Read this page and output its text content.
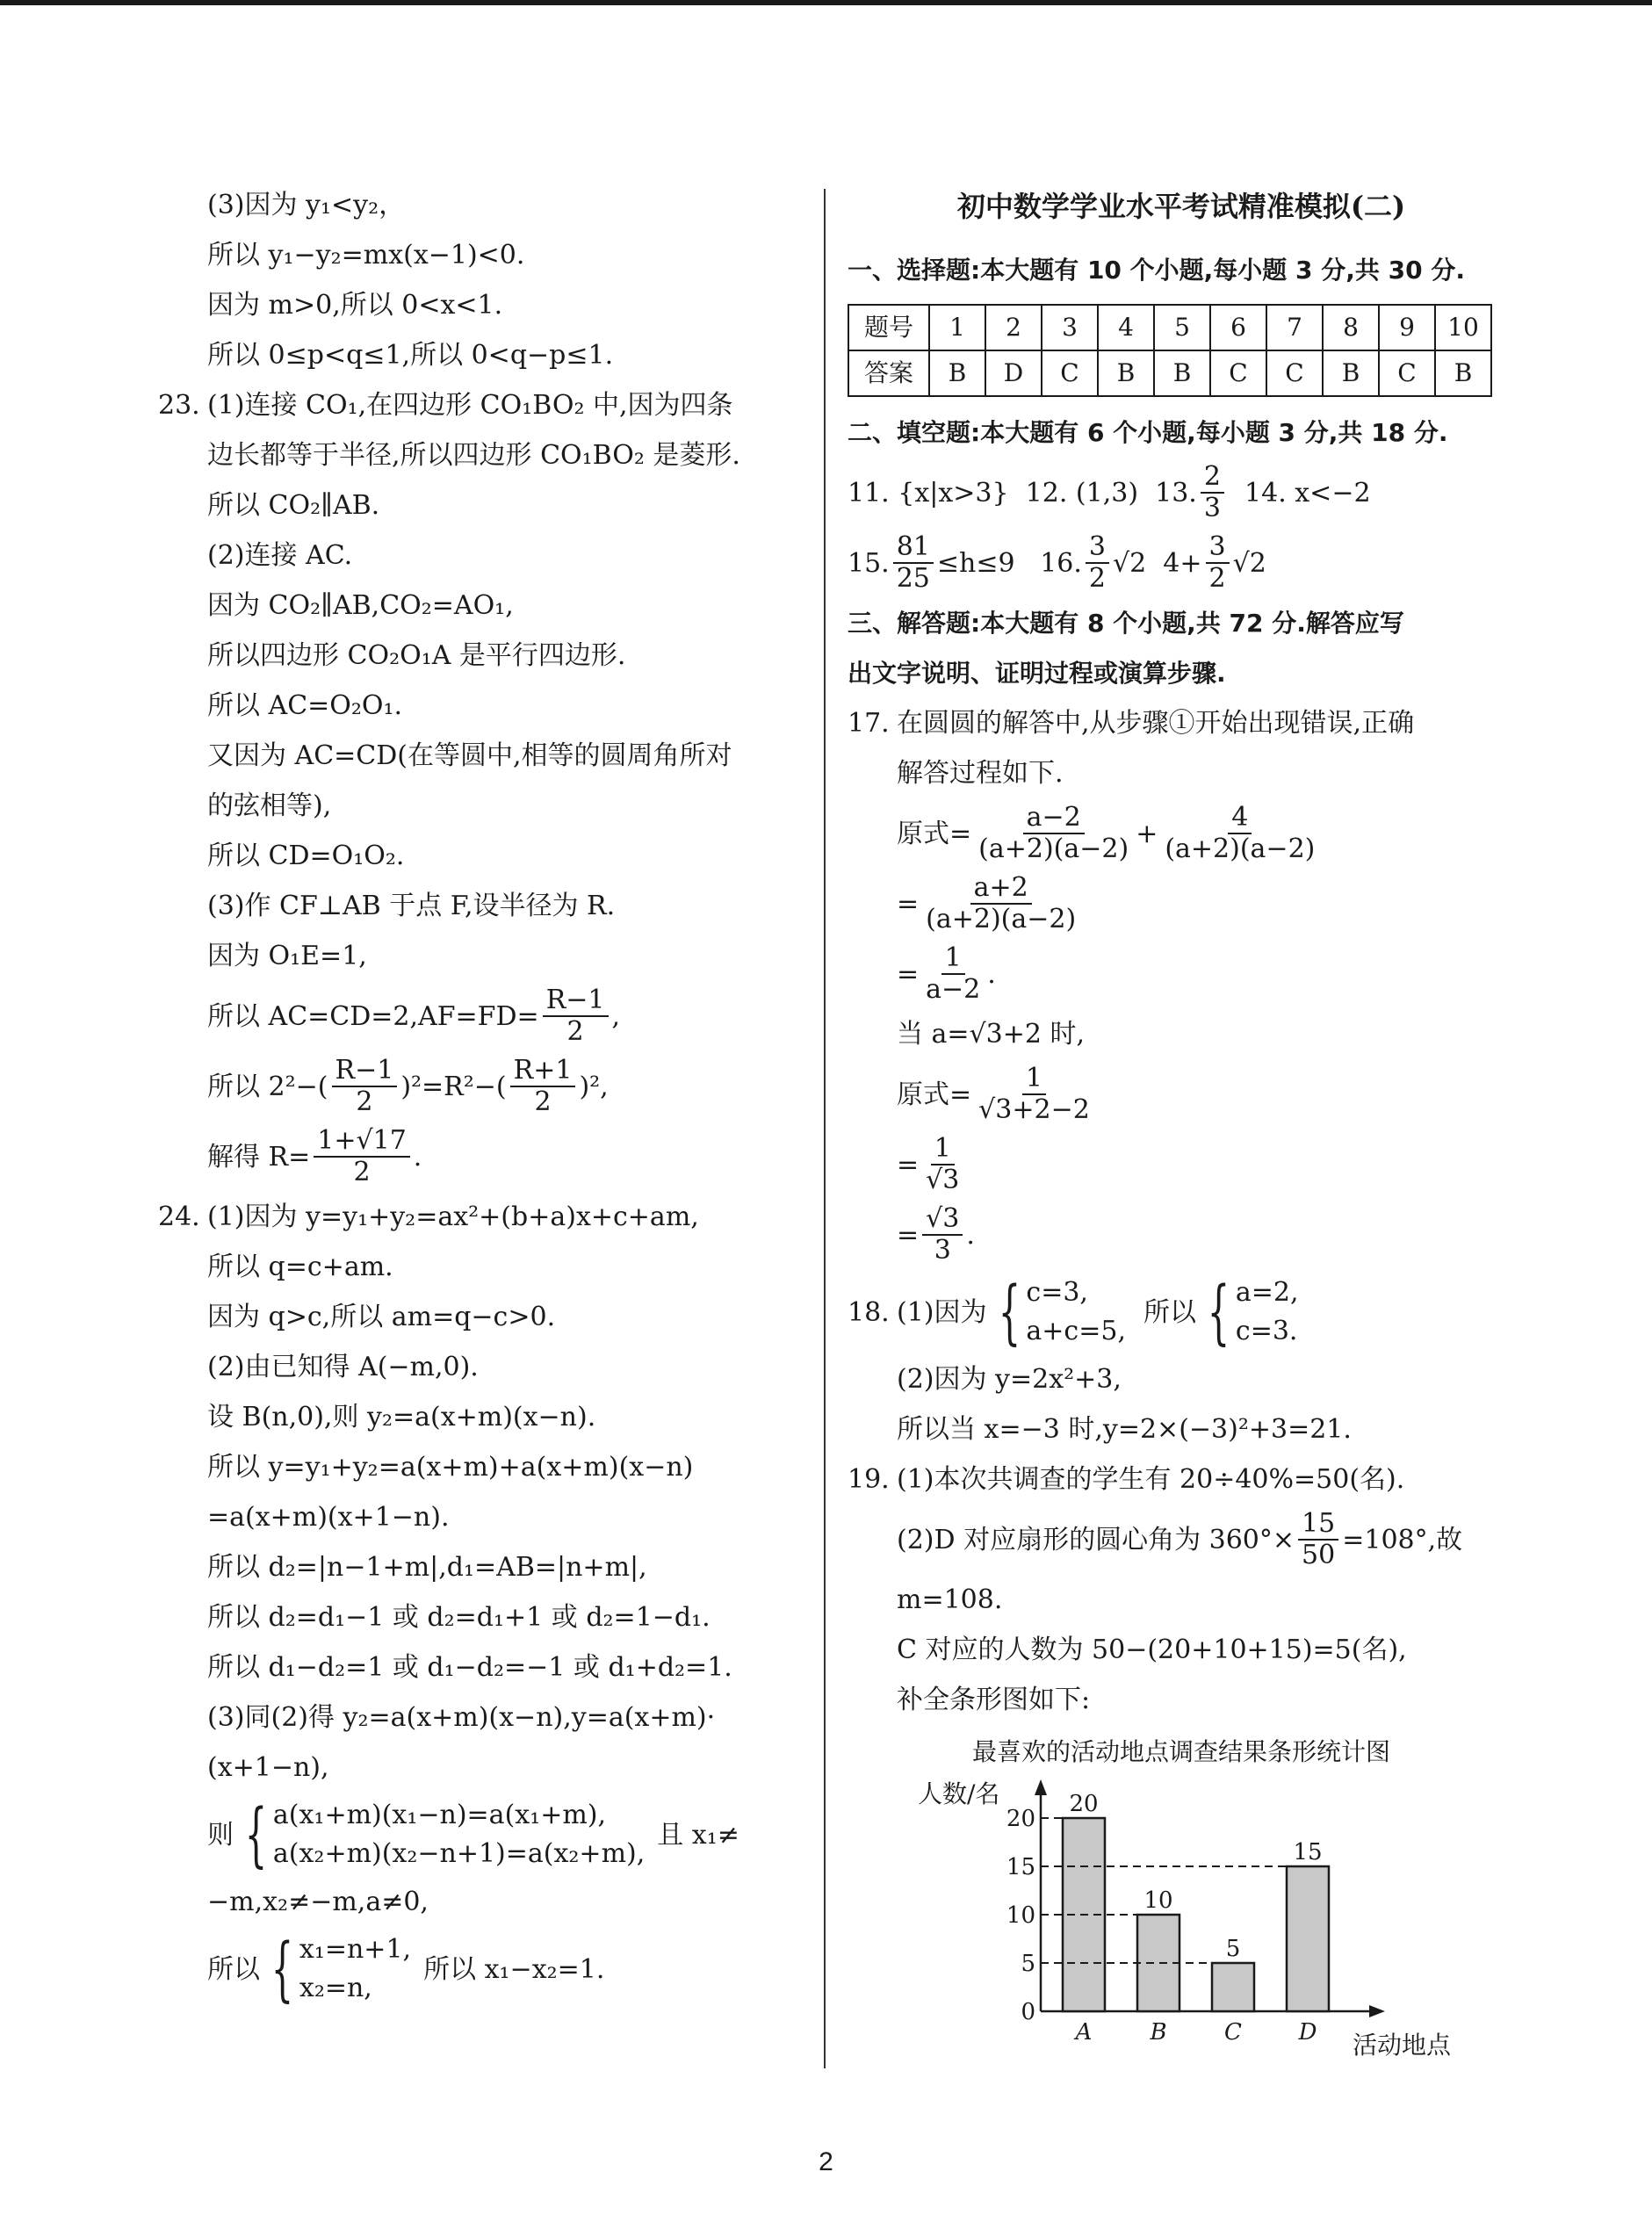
(3)因为 y₁<y₂，
所以 y₁−y₂=mx(x−1)<0.
因为 m>0,所以 0<x<1.
所以 0≤p<q≤1,所以 0<q−p≤1.
23. (1)连接 CO₁,在四边形 CO₁BO₂ 中,因为四条
边长都等于半径,所以四边形 CO₁BO₂ 是菱形.
所以 CO₂∥AB.
(2)连接 AC.
因为 CO₂∥AB,CO₂=AO₁,
所以四边形 CO₂O₁A 是平行四边形.
所以 AC=O₂O₁.
又因为 AC=CD(在等圆中,相等的圆周角所对
的弦相等),
所以 CD=O₁O₂.
(3)作 CF⊥AB 于点 F,设半径为 R.
因为 O₁E=1,
所以 $AC=CD=2,AF=FD= \frac{R-1}{2}$ ,
所以 $2^2-( \frac{R-1}{2} )^2=R^2-( \frac{R+1}{2} )^2$,
解得 $R= \frac{1+√17}{2}$ .
24. (1)因为 y=y₁+y₂=ax²+(b+a)x+c+am,
所以 q=c+am.
因为 q>c,所以 am=q−c>0.
(2)由已知得 A(−m,0).
设 B(n,0),则 y₂=a(x+m)(x−n).
所以 y=y₁+y₂=a(x+m)+a(x+m)(x−n)
=a(x+m)(x+1−n).
所以 d₂=|n−1+m|,d₁=AB=|n+m|,
所以 d₂=d₁−1 或 d₂=d₁+1 或 d₂=1−d₁.
所以 d₁−d₂=1 或 d₁−d₂=−1 或 d₁+d₂=1.
(3)同(2)得 y₂=a(x+m)(x−n),y=a(x+m)·
(x+1−n),
则 { a(x₁+m)(x₁−n)=a(x₁+m),
a(x₂+m)(x₂−n+1)=a(x₂+m),
且 x₁≠
−m,x₂≠−m,a≠0,
所以 { x₁=n+1,
x₂=n,
所以 x₁−x₂=1.
初中数学学业水平考试精准模拟(二)
一、选择题:本大题有 10 个小题,每小题 3 分,共 30 分.
题号	1	2	3	4	5	6	7	8	9	10
答案	B	D	C	B	B	C	C	B	C	B
二、填空题:本大题有 6 个小题,每小题 3 分,共 18 分.
11. {x|x>3}
12. (1,3)
13. $\frac{2}{3}$
14. x<−2
15. $\frac{81}{25} \le h\le 9$
16. $\frac{3}{2} √2$
$4+ \frac{3}{2} √2$
三、解答题:本大题有 8 个小题,共 72 分.解答应写
出文字说明、证明过程或演算步骤.
17. 在圆圆的解答中,从步骤①开始出现错误,正确
解答过程如下.
原式= $\frac{a-2}{(a+2)(a-2)} + \frac{4}{(a+2)(a-2)}$
= $\frac{a+2}{(a+2)(a-2)}$
= $\frac{1}{a-2}$ .
当 a=√3+2 时,
原式= $\frac{1}{√3+2-2}$
= $\frac{1}{√3}$
= $\frac{√3}{3}$ .
18. (1)因为 { c=3,
a+c=5,
所以 { a=2,
c=3.
(2)因为 y=2x²+3,
所以当 x=−3 时,y=2×(−3)²+3=21.
19. (1)本次共调查的学生有 20÷40%=50(名).
(2)D 对应扇形的圆心角为 $360^\circ\times \frac{15}{50} =108^\circ$,故
m=108.
C 对应的人数为 50−(20+10+15)=5(名),
补全条形图如下:
最喜欢的活动地点调查结果条形统计图
人数/名
活动地点
0
5
10
15
20
20
A
10
B
5
C
15
D
2
